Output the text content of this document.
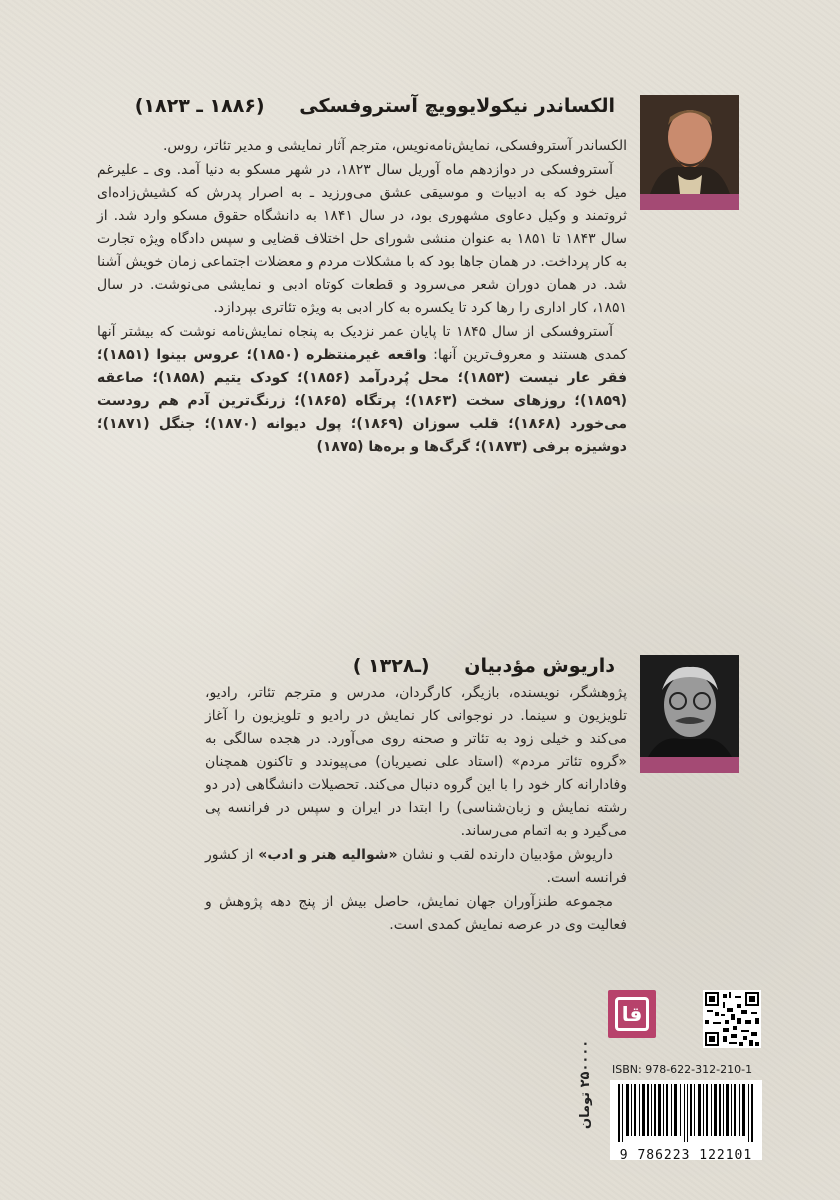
الکساندر نیکولایوویچ آستروفسکی (۱۸۸۶ ـ ۱۸۲۳)

الکساندر آستروفسکی، نمایش‌نامه‌نویس، مترجم آثار نمایشی و مدیر تئاتر، روس.

آستروفسکی در دوازدهم ماه آوریل سال ۱۸۲۳، در شهر مسکو به دنیا آمد. وی ـ علیرغم میل خود که به ادبیات و موسیقی عشق می‌ورزید ـ به اصرار پدرش که کشیش‌زاده‌ای ثروتمند و وکیل دعاوی مشهوری بود، در سال ۱۸۴۱ به دانشگاه حقوق مسکو وارد شد. از سال ۱۸۴۳ تا ۱۸۵۱ به عنوان منشی شورای حل اختلاف قضایی و سپس دادگاه ویژه تجارت به کار پرداخت. در همان جاها بود که با مشکلات مردم و معضلات اجتماعی زمان خویش آشنا شد. در همان دوران شعر می‌سرود و قطعات کوتاه ادبی و نمایشی می‌نوشت. در سال ۱۸۵۱، کار اداری را رها کرد تا یکسره به کار ادبی به ویژه تئاتری بپردازد.

آستروفسکی از سال ۱۸۴۵ تا پایان عمر نزدیک به پنجاه نمایش‌نامه نوشت که بیشتر آنها کمدی هستند و معروف‌ترین آنها: واقعه غیرمنتظره (۱۸۵۰)؛ عروس بینوا (۱۸۵۱)؛ فقر عار نیست (۱۸۵۳)؛ محل پُردرآمد (۱۸۵۶)؛ کودک یتیم (۱۸۵۸)؛ صاعقه (۱۸۵۹)؛ روزهای سخت (۱۸۶۳)؛ پرتگاه (۱۸۶۵)؛ زرنگ‌ترین آدم هم رودست می‌خورد (۱۸۶۸)؛ قلب سوزان (۱۸۶۹)؛ پول دیوانه (۱۸۷۰)؛ جنگل (۱۸۷۱)؛ دوشیزه برفی (۱۸۷۳)؛ گرگ‌ها و بره‌ها (۱۸۷۵)

داریوش مؤدبیان (ـ۱۳۲۸ )

پژوهشگر، نویسنده، بازیگر، کارگردان، مدرس و مترجم تئاتر، رادیو، تلویزیون و سینما. در نوجوانی کار نمایش در رادیو و تلویزیون را آغاز می‌کند و خیلی زود به تئاتر و صحنه روی می‌آورد. در هجده سالگی به «گروه تئاتر مردم» (استاد علی نصیریان) می‌پیوندد و تاکنون همچنان وفادارانه کار خود را با این گروه دنبال می‌کند. تحصیلات دانشگاهی (در دو رشته نمایش و زبان‌شناسی) را ابتدا در ایران و سپس در فرانسه پی می‌گیرد و به اتمام می‌رساند.

داریوش مؤدبیان دارنده لقب و نشان «شوالیه هنر و ادب» از کشور فرانسه است.

مجموعه طنزآوران جهان نمایش، حاصل بیش از پنج دهه پژوهش و فعالیت وی در عرصه نمایش کمدی است.

قا
ISBN: 978-622-312-210-1
9 786223 122101
۲۵۰۰۰۰ تومان
